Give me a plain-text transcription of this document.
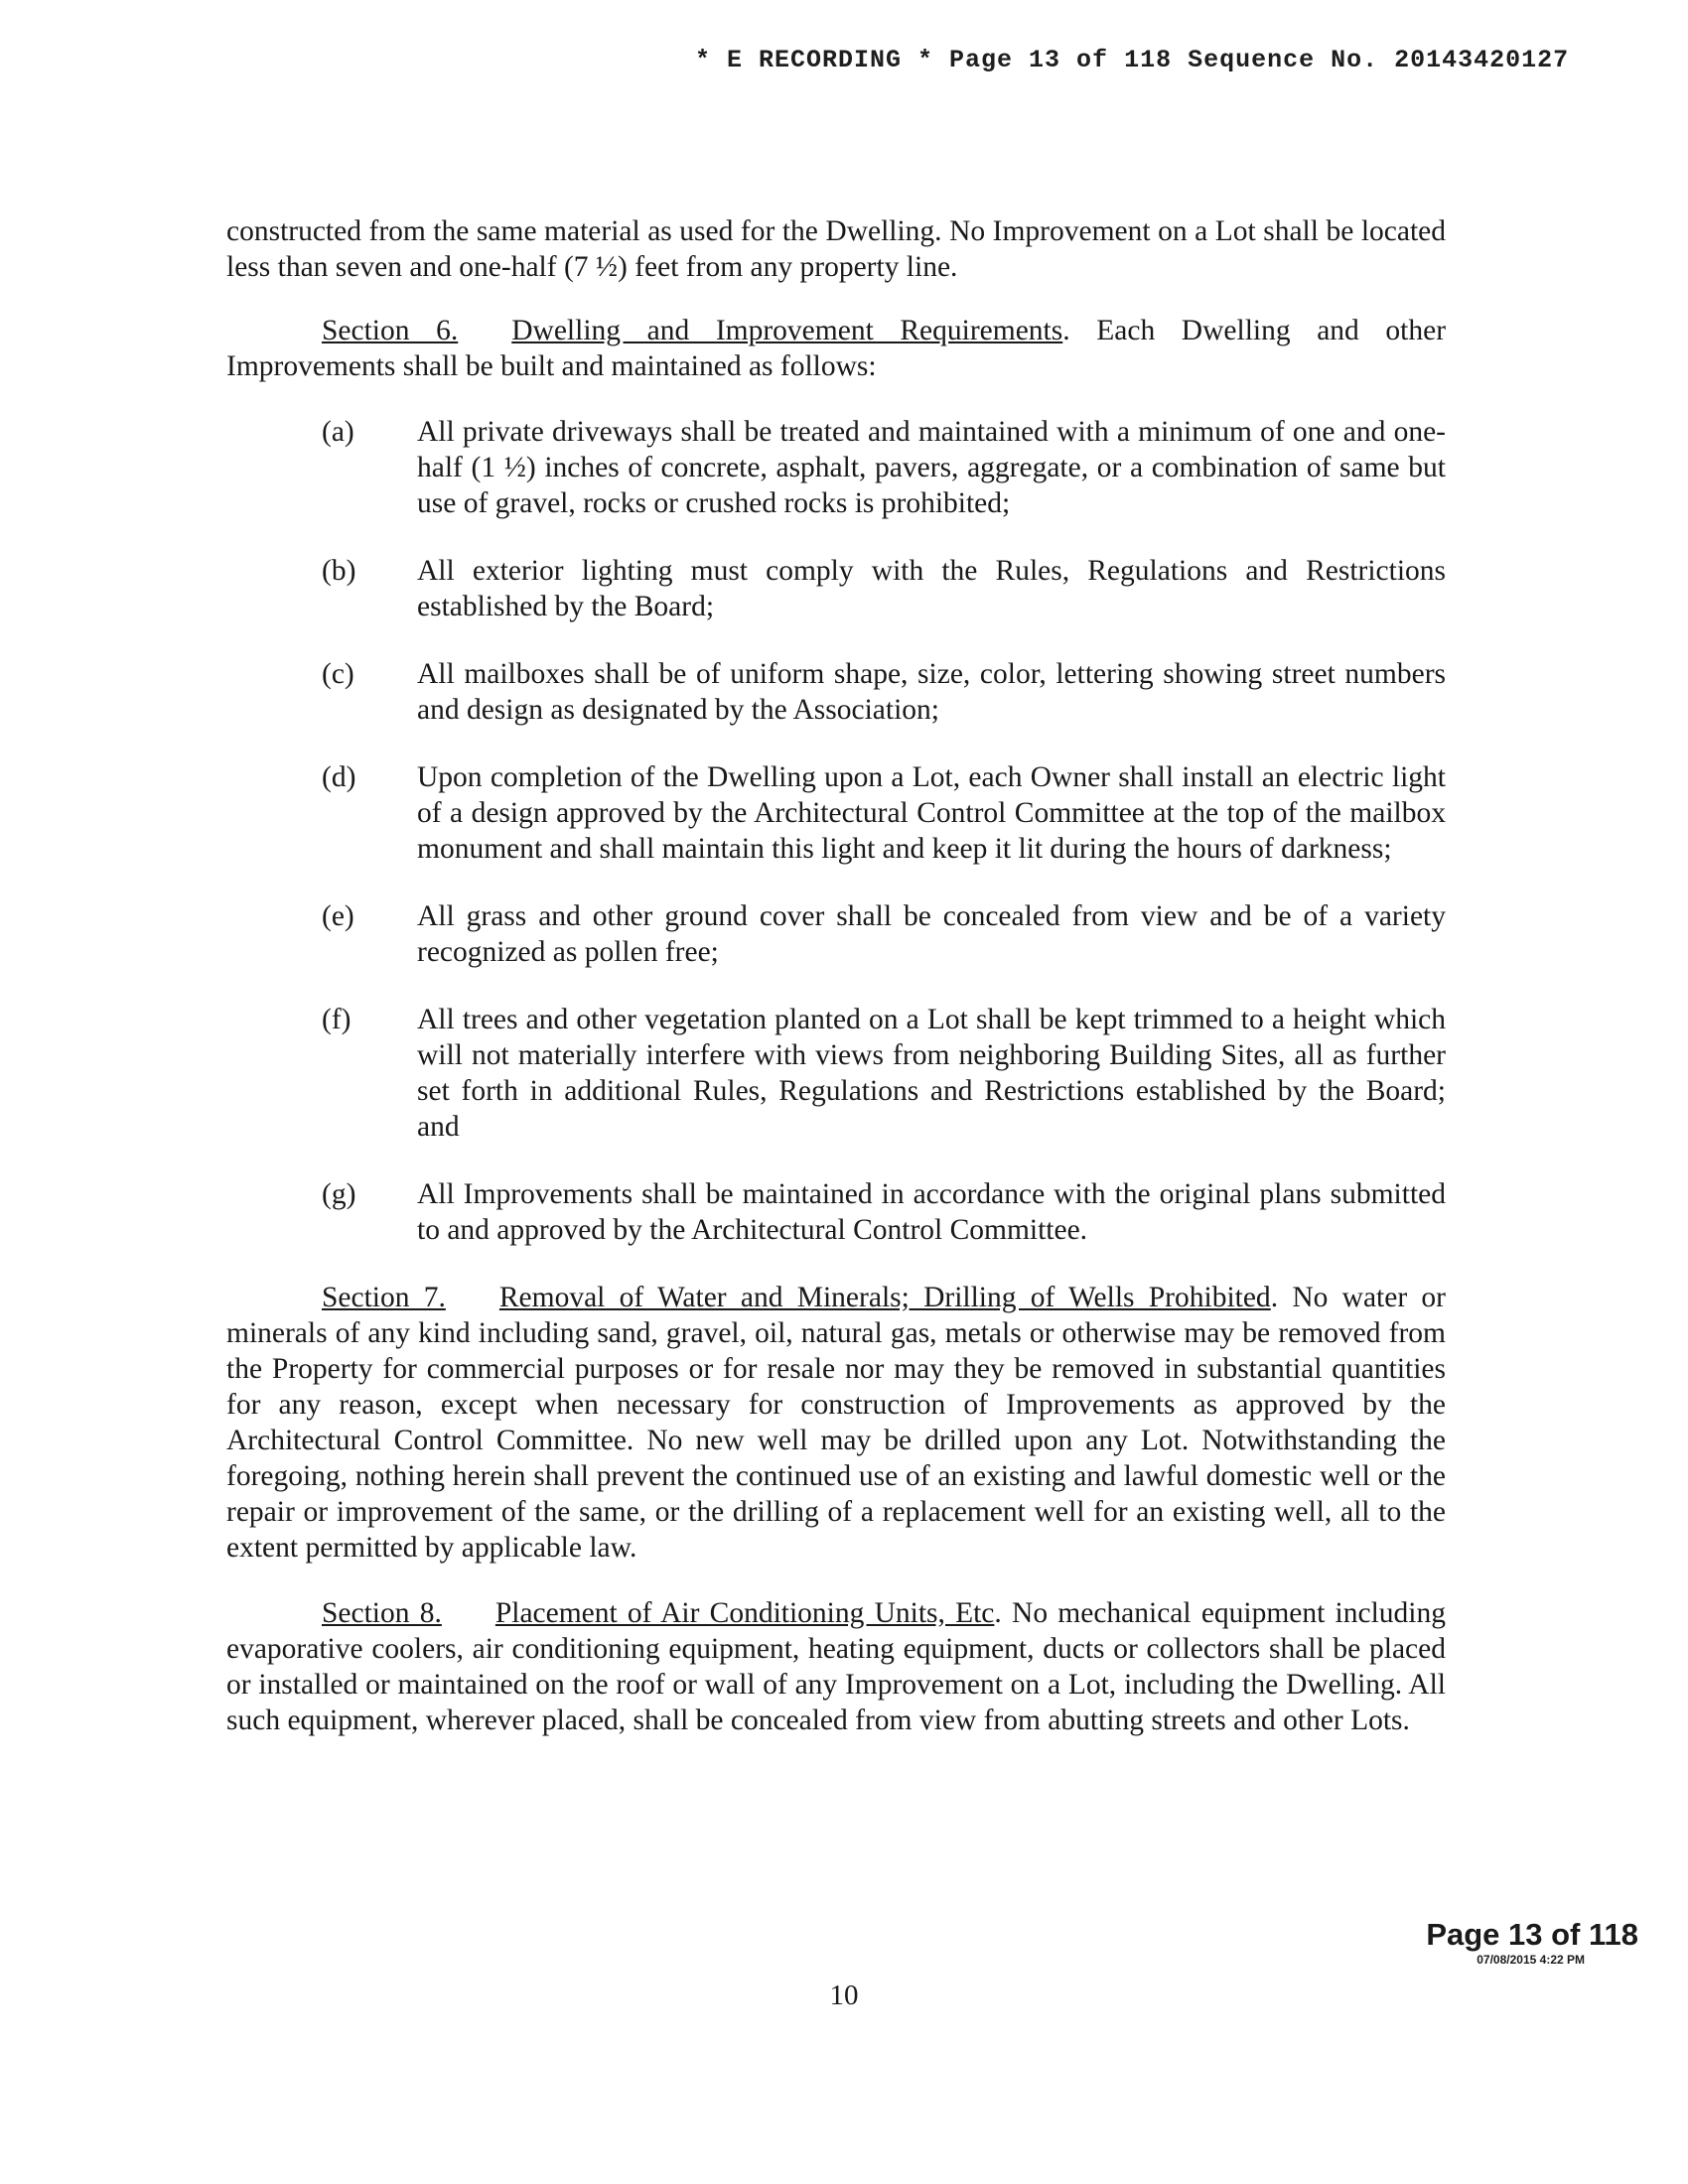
* E RECORDING * Page 13 of 118 Sequence No. 20143420127

constructed from the same material as used for the Dwelling. No Improvement on a Lot shall be located less than seven and one-half (7 ½) feet from any property line.

Section 6. Dwelling and Improvement Requirements. Each Dwelling and other Improvements shall be built and maintained as follows:

(a) All private driveways shall be treated and maintained with a minimum of one and one-half (1 ½) inches of concrete, asphalt, pavers, aggregate, or a combination of same but use of gravel, rocks or crushed rocks is prohibited;
(b) All exterior lighting must comply with the Rules, Regulations and Restrictions established by the Board;
(c) All mailboxes shall be of uniform shape, size, color, lettering showing street numbers and design as designated by the Association;
(d) Upon completion of the Dwelling upon a Lot, each Owner shall install an electric light of a design approved by the Architectural Control Committee at the top of the mailbox monument and shall maintain this light and keep it lit during the hours of darkness;
(e) All grass and other ground cover shall be concealed from view and be of a variety recognized as pollen free;
(f) All trees and other vegetation planted on a Lot shall be kept trimmed to a height which will not materially interfere with views from neighboring Building Sites, all as further set forth in additional Rules, Regulations and Restrictions established by the Board; and
(g) All Improvements shall be maintained in accordance with the original plans submitted to and approved by the Architectural Control Committee.

Section 7. Removal of Water and Minerals; Drilling of Wells Prohibited. No water or minerals of any kind including sand, gravel, oil, natural gas, metals or otherwise may be removed from the Property for commercial purposes or for resale nor may they be removed in substantial quantities for any reason, except when necessary for construction of Improvements as approved by the Architectural Control Committee. No new well may be drilled upon any Lot. Notwithstanding the foregoing, nothing herein shall prevent the continued use of an existing and lawful domestic well or the repair or improvement of the same, or the drilling of a replacement well for an existing well, all to the extent permitted by applicable law.

Section 8. Placement of Air Conditioning Units, Etc. No mechanical equipment including evaporative coolers, air conditioning equipment, heating equipment, ducts or collectors shall be placed or installed or maintained on the roof or wall of any Improvement on a Lot, including the Dwelling. All such equipment, wherever placed, shall be concealed from view from abutting streets and other Lots.

Page 13 of 118
07/08/2015 4:22 PM
10
